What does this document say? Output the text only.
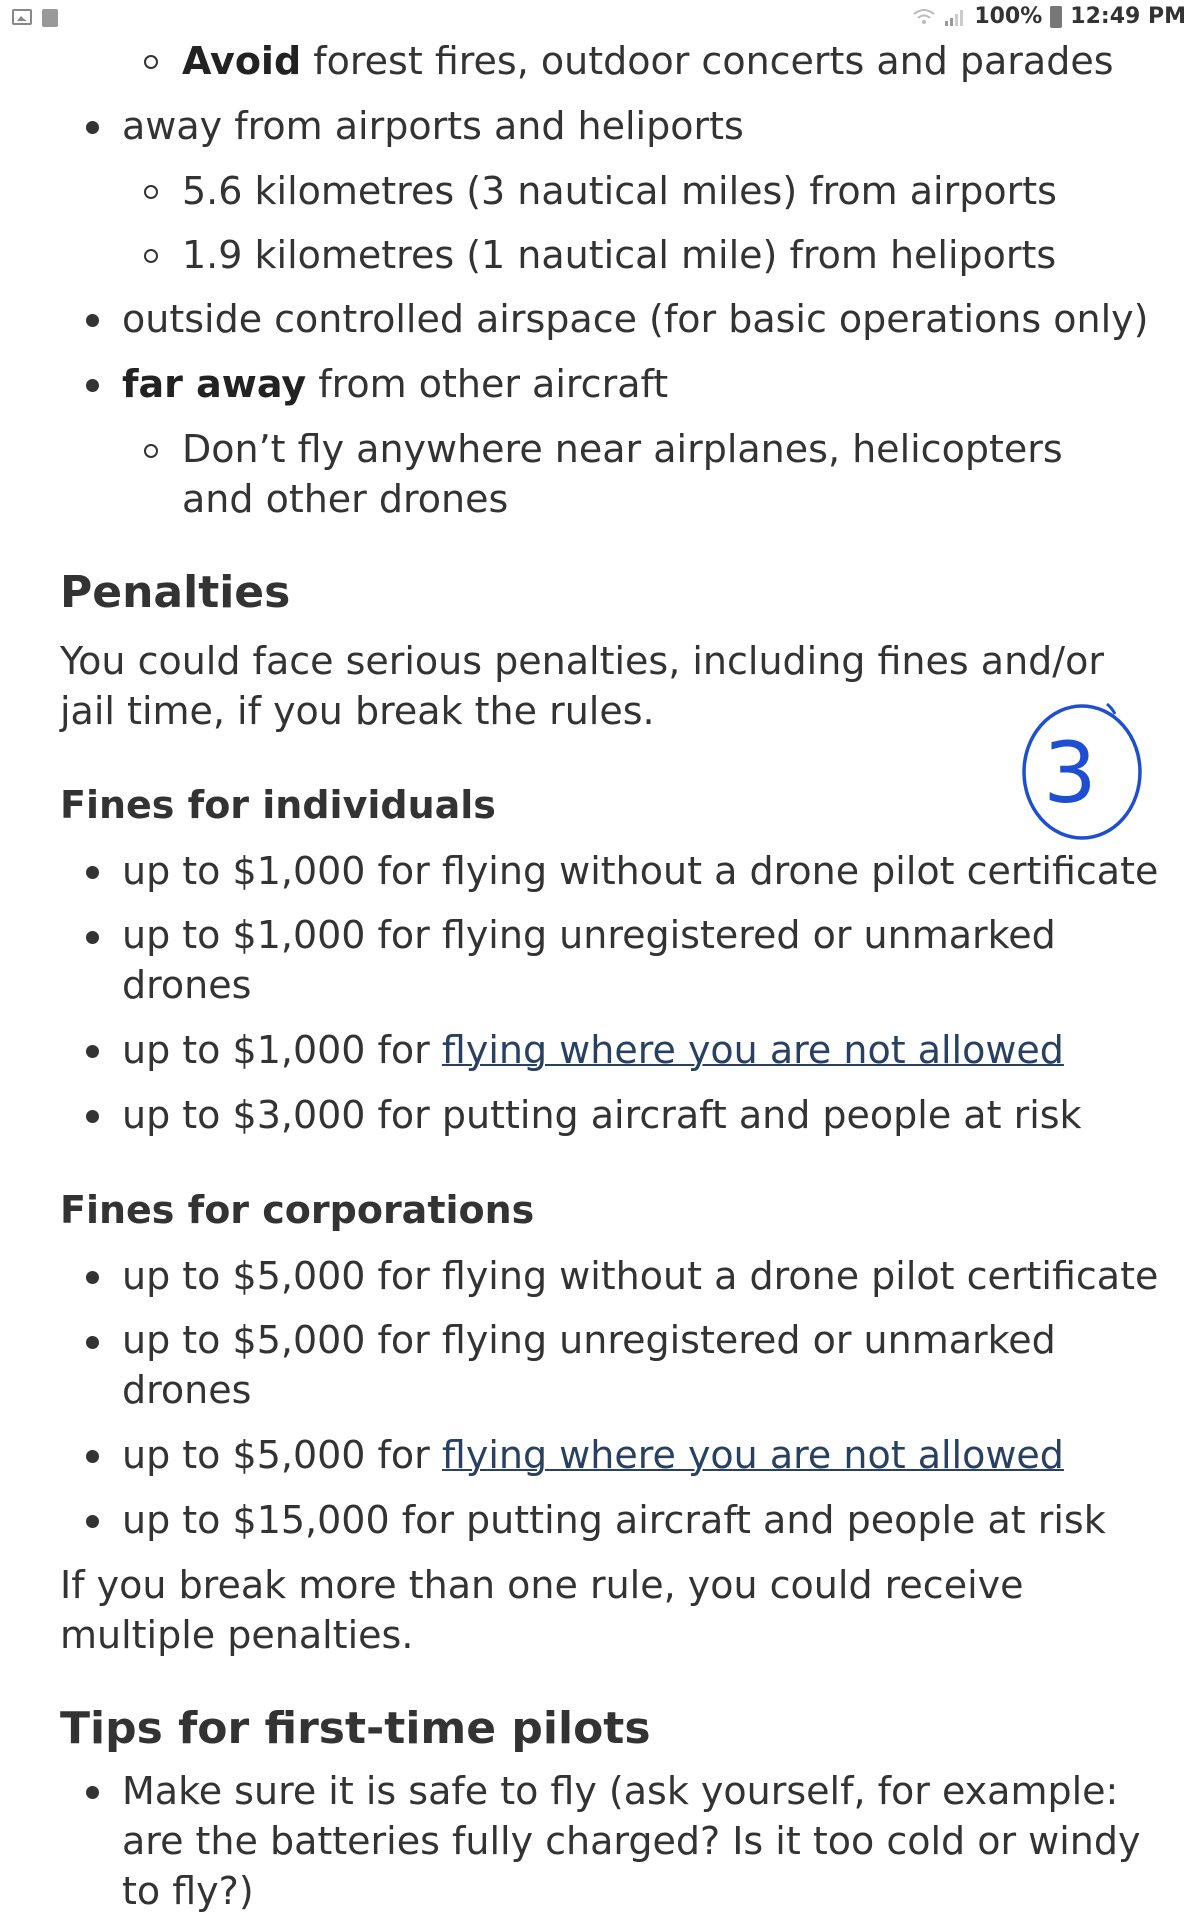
100% 12:49 PM
Avoid forest fires, outdoor concerts and parades
away from airports and heliports
5.6 kilometres (3 nautical miles) from airports
1.9 kilometres (1 nautical mile) from heliports
outside controlled airspace (for basic operations only)
far away from other aircraft
Don’t fly anywhere near airplanes, helicopters and other drones
Penalties

You could face serious penalties, including fines and/or jail time, if you break the rules.

Fines for individuals
up to $1,000 for flying without a drone pilot certificate
up to $1,000 for flying unregistered or unmarked drones
up to $1,000 for flying where you are not allowed
up to $3,000 for putting aircraft and people at risk
Fines for corporations
up to $5,000 for flying without a drone pilot certificate
up to $5,000 for flying unregistered or unmarked drones
up to $5,000 for flying where you are not allowed
up to $15,000 for putting aircraft and people at risk

If you break more than one rule, you could receive multiple penalties.

Tips for first-time pilots
Make sure it is safe to fly (ask yourself, for example: are the batteries fully charged? Is it too cold or windy to fly?)
3
